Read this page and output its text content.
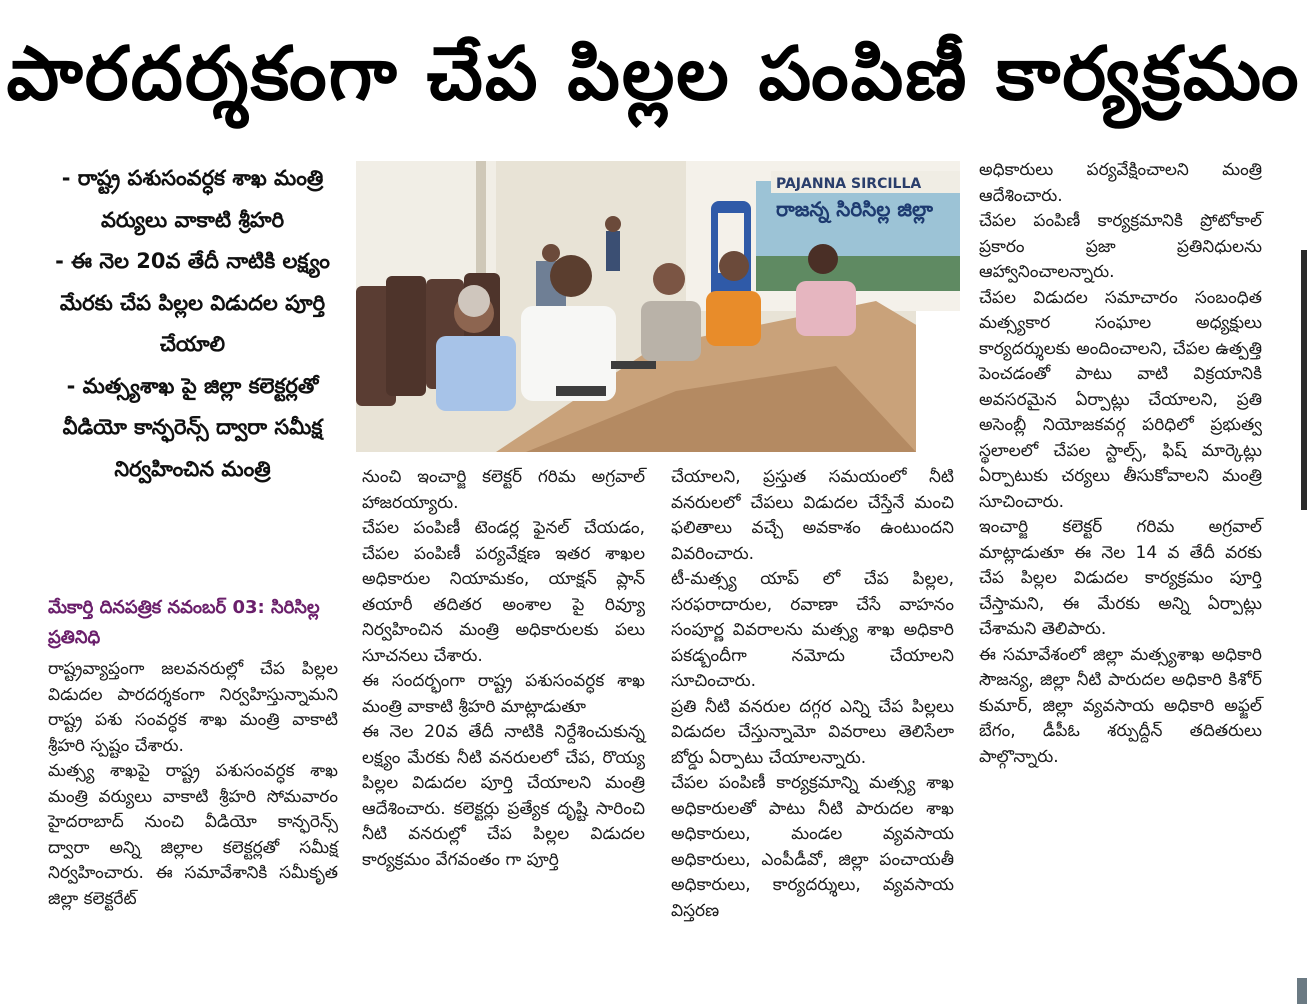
పారదర్శకంగా చేప పిల్లల పంపిణీ కార్యక్రమం

- రాష్ట్ర పశుసంవర్ధక శాఖ మంత్రి వర్యులు వాకాటి శ్రీహరి

- ఈ నెల 20వ తేదీ నాటికి లక్ష్యం మేరకు చేప పిల్లల విడుదల పూర్తి చేయాలి

- మత్స్యశాఖ పై జిల్లా కలెక్టర్లతో వీడియో కాన్ఫరెన్స్ ద్వారా సమీక్ష నిర్వహించిన మంత్రి

మేకార్తి దినపత్రిక నవంబర్ 03: సిరిసిల్ల ప్రతినిధి

రాష్ట్రవ్యాప్తంగా జలవనరుల్లో చేప పిల్లల విడుదల పారదర్శకంగా నిర్వహిస్తున్నామని రాష్ట్ర పశు సంవర్ధక శాఖ మంత్రి వాకాటి శ్రీహరి స్పష్టం చేశారు.

మత్స్య శాఖపై రాష్ట్ర పశుసంవర్ధక శాఖ మంత్రి వర్యులు వాకాటి శ్రీహరి సోమవారం హైదరాబాద్ నుంచి వీడియో కాన్ఫరెన్స్ ద్వారా అన్ని జిల్లాల కలెక్టర్లతో సమీక్ష నిర్వహించారు. ఈ సమావేశానికి సమీకృత జిల్లా కలెక్టరేట్

PAJANNA SIRCILLA
రాజన్న సిరిసిల్ల జిల్లా

నుంచి ఇంచార్జి కలెక్టర్ గరిమ అగ్రవాల్ హాజరయ్యారు.

చేపల పంపిణీ టెండర్ల ఫైనల్ చేయడం, చేపల పంపిణీ పర్యవేక్షణ ఇతర శాఖల అధికారుల నియామకం, యాక్షన్ ప్లాన్ తయారీ తదితర అంశాల పై రివ్యూ నిర్వహించిన మంత్రి అధికారులకు పలు సూచనలు చేశారు.

ఈ సందర్భంగా రాష్ట్ర పశుసంవర్ధక శాఖ మంత్రి వాకాటి శ్రీహరి మాట్లాడుతూ

ఈ నెల 20వ తేదీ నాటికి నిర్దేశించుకున్న లక్ష్యం మేరకు నీటి వనరులలో చేప, రొయ్య పిల్లల విడుదల పూర్తి చేయాలని మంత్రి ఆదేశించారు. కలెక్టర్లు ప్రత్యేక దృష్టి సారించి నీటి వనరుల్లో చేప పిల్లల విడుదల కార్యక్రమం వేగవంతం గా పూర్తి

చేయాలని, ప్రస్తుత సమయంలో నీటి వనరులలో చేపలు విడుదల చేస్తేనే మంచి ఫలితాలు వచ్చే అవకాశం ఉంటుందని వివరించారు.

టీ-మత్స్య యాప్ లో చేప పిల్లల, సరఫరాదారుల, రవాణా చేసే వాహనం సంపూర్ణ వివరాలను మత్స్య శాఖ అధికారి పకడ్బందీగా నమోదు చేయాలని సూచించారు.

ప్రతి నీటి వనరుల దగ్గర ఎన్ని చేప పిల్లలు విడుదల చేస్తున్నామో వివరాలు తెలిసేలా బోర్డు ఏర్పాటు చేయాలన్నారు.

చేపల పంపిణీ కార్యక్రమాన్ని మత్స్య శాఖ అధికారులతో పాటు నీటి పారుదల శాఖ అధికారులు, మండల వ్యవసాయ అధికారులు, ఎంపీడీవో, జిల్లా పంచాయతీ అధికారులు, కార్యదర్శులు, వ్యవసాయ విస్తరణ

అధికారులు పర్యవేక్షించాలని మంత్రి ఆదేశించారు.

చేపల పంపిణీ కార్యక్రమానికి ప్రోటోకాల్ ప్రకారం ప్రజా ప్రతినిధులను ఆహ్వానించాలన్నారు.

చేపల విడుదల సమాచారం సంబంధిత మత్స్యకార సంఘాల అధ్యక్షులు కార్యదర్శులకు అందించాలని, చేపల ఉత్పత్తి పెంచడంతో పాటు వాటి విక్రయానికి అవసరమైన ఏర్పాట్లు చేయాలని, ప్రతి అసెంబ్లీ నియోజకవర్గ పరిధిలో ప్రభుత్వ స్థలాలలో చేపల స్టాల్స్, ఫిష్ మార్కెట్లు ఏర్పాటుకు చర్యలు తీసుకోవాలని మంత్రి సూచించారు.

ఇంచార్జి కలెక్టర్ గరిమ అగ్రవాల్ మాట్లాడుతూ ఈ నెల 14 వ తేదీ వరకు చేప పిల్లల విడుదల కార్యక్రమం పూర్తి చేస్తామని, ఈ మేరకు అన్ని ఏర్పాట్లు చేశామని తెలిపారు.

ఈ సమావేశంలో జిల్లా మత్స్యశాఖ అధికారి సౌజన్య, జిల్లా నీటి పారుదల అధికారి కిశోర్ కుమార్, జిల్లా వ్యవసాయ అధికారి అఫ్జల్ బేగం, డీపీఓ శర్పుద్దీన్ తదితరులు పాల్గొన్నారు.
